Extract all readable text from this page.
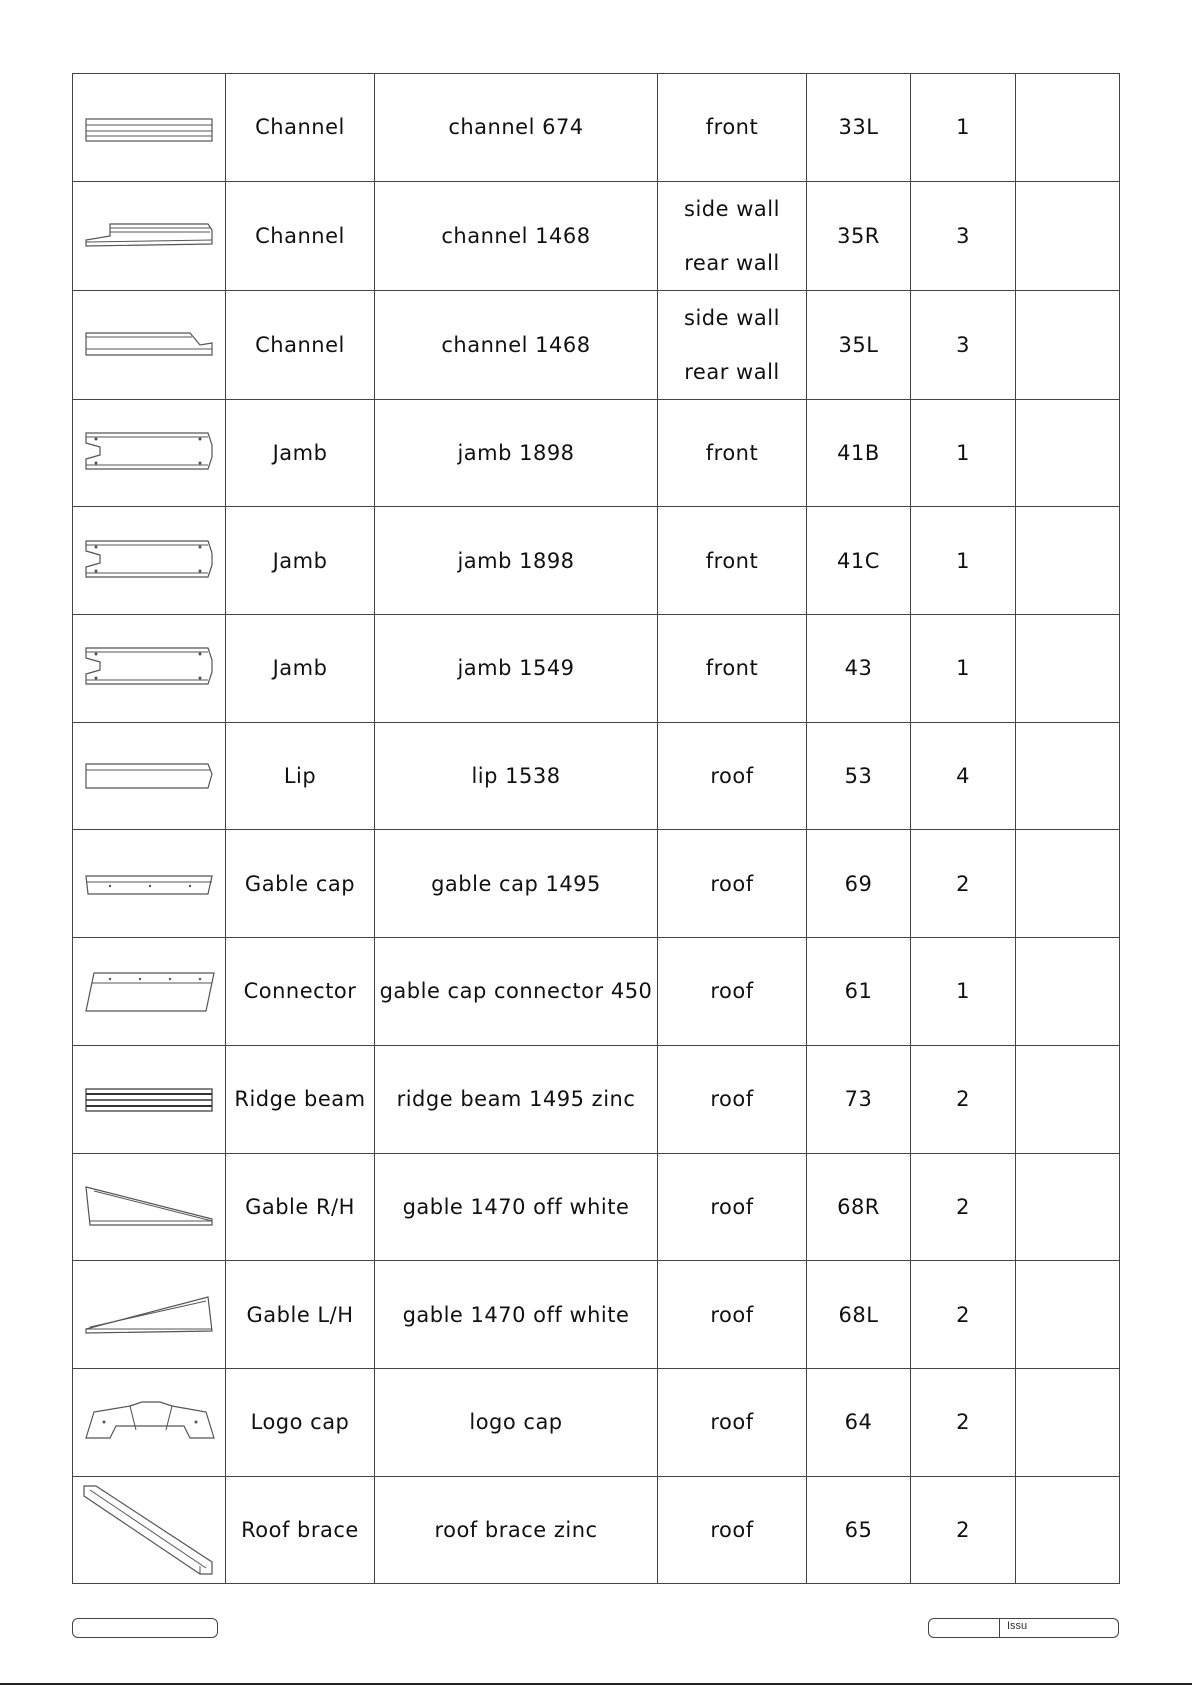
	Channel	channel 674	front	33L	1	

	Channel	channel 1468	side wall
rear wall	35R	3	

	Channel	channel 1468	side wall
rear wall	35L	3	

	Jamb	jamb 1898	front	41B	1	

	Jamb	jamb 1898	front	41C	1	

	Jamb	jamb 1549	front	43	1	

	Lip	lip 1538	roof	53	4	

	Gable cap	gable cap 1495	roof	69	2	

	Connector	gable cap connector 450	roof	61	1	

	Ridge beam	ridge beam 1495 zinc	roof	73	2	

	Gable R/H	gable 1470 off white	roof	68R	2	

	Gable L/H	gable 1470 off white	roof	68L	2	

	Logo cap	logo cap	roof	64	2	

	Roof brace	roof brace zinc	roof	65	2	
Issu
